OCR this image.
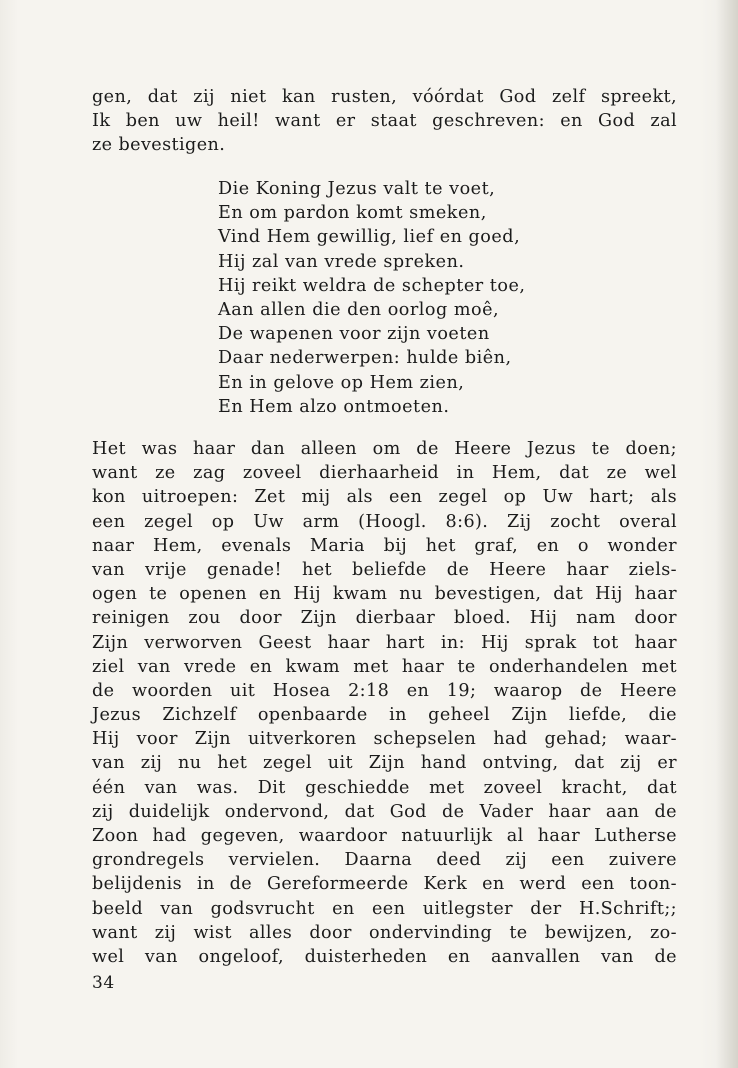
gen, dat zij niet kan rusten, vóórdat God zelf spreekt,
Ik ben uw heil! want er staat geschreven: en God zal
ze bevestigen.
Die Koning Jezus valt te voet,
En om pardon komt smeken,
Vind Hem gewillig, lief en goed,
Hij zal van vrede spreken.
Hij reikt weldra de schepter toe,
Aan allen die den oorlog moê,
De wapenen voor zijn voeten
Daar nederwerpen: hulde biên,
En in gelove op Hem zien,
En Hem alzo ontmoeten.
Het was haar dan alleen om de Heere Jezus te doen;
want ze zag zoveel dierhaarheid in Hem, dat ze wel
kon uitroepen: Zet mij als een zegel op Uw hart; als
een zegel op Uw arm (Hoogl. 8:6). Zij zocht overal
naar Hem, evenals Maria bij het graf, en o wonder
van vrije genade! het beliefde de Heere haar ziels-
ogen te openen en Hij kwam nu bevestigen, dat Hij haar
reinigen zou door Zijn dierbaar bloed. Hij nam door
Zijn verworven Geest haar hart in: Hij sprak tot haar
ziel van vrede en kwam met haar te onderhandelen met
de woorden uit Hosea 2:18 en 19; waarop de Heere
Jezus Zichzelf openbaarde in geheel Zijn liefde, die
Hij voor Zijn uitverkoren schepselen had gehad; waar-
van zij nu het zegel uit Zijn hand ontving, dat zij er
één van was. Dit geschiedde met zoveel kracht, dat
zij duidelijk ondervond, dat God de Vader haar aan de
Zoon had gegeven, waardoor natuurlijk al haar Lutherse
grondregels vervielen. Daarna deed zij een zuivere
belijdenis in de Gereformeerde Kerk en werd een toon-
beeld van godsvrucht en een uitlegster der H.Schrift;;
want zij wist alles door ondervinding te bewijzen, zo-
wel van ongeloof, duisterheden en aanvallen van de
34
